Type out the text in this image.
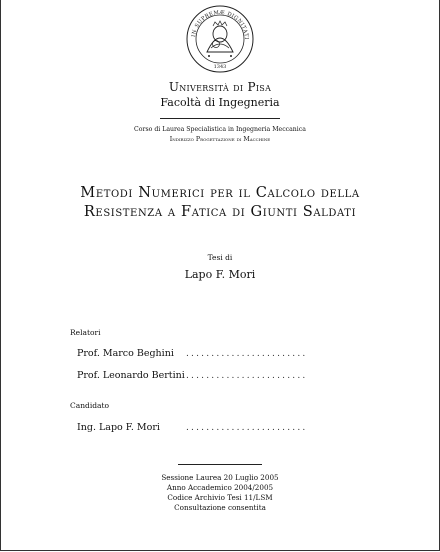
IN SUPREMÆ DIGNITATI
1343
Università di Pisa
Facoltà di Ingegneria
Corso di Laurea Specialistica in Ingegneria Meccanica
Indirizzo Progettazione di Macchine
Metodi Numerici per il Calcolo della
Resistenza a Fatica di Giunti Saldati
Tesi di
Lapo F. Mori
Relatori
Prof. Marco Beghini ........................
Prof. Leonardo Bertini ........................
Candidato
Ing. Lapo F. Mori	........................
Sessione Laurea 20 Luglio 2005
Anno Accademico 2004/2005
Codice Archivio Tesi 11/LSM
Consultazione consentita
